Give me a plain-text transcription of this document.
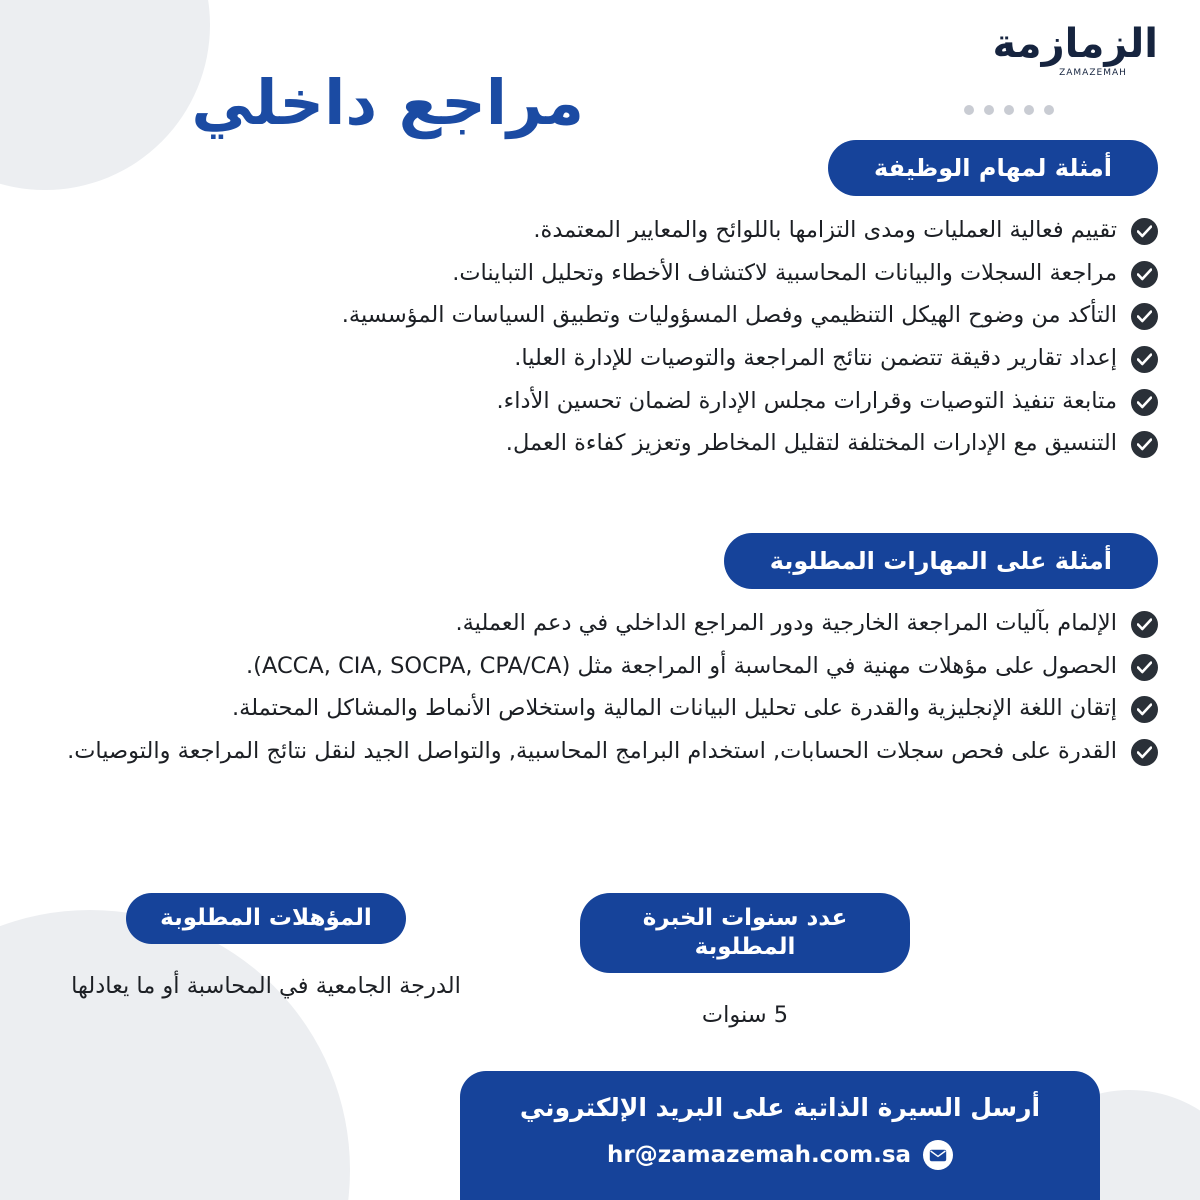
الزمازمة
ZAMAZEMAH
مراجع داخلي
أمثلة لمهام الوظيفة
تقييم فعالية العمليات ومدى التزامها باللوائح والمعايير المعتمدة.
مراجعة السجلات والبيانات المحاسبية لاكتشاف الأخطاء وتحليل التباينات.
التأكد من وضوح الهيكل التنظيمي وفصل المسؤوليات وتطبيق السياسات المؤسسية.
إعداد تقارير دقيقة تتضمن نتائج المراجعة والتوصيات للإدارة العليا.
متابعة تنفيذ التوصيات وقرارات مجلس الإدارة لضمان تحسين الأداء.
التنسيق مع الإدارات المختلفة لتقليل المخاطر وتعزيز كفاءة العمل.
أمثلة على المهارات المطلوبة
الإلمام بآليات المراجعة الخارجية ودور المراجع الداخلي في دعم العملية.
الحصول على مؤهلات مهنية في المحاسبة أو المراجعة مثل (ACCA, CIA, SOCPA, CPA/CA).
إتقان اللغة الإنجليزية والقدرة على تحليل البيانات المالية واستخلاص الأنماط والمشاكل المحتملة.
القدرة على فحص سجلات الحسابات, استخدام البرامج المحاسبية, والتواصل الجيد لنقل نتائج المراجعة والتوصيات.
المؤهلات المطلوبة
الدرجة الجامعية في المحاسبة أو ما يعادلها
عدد سنوات الخبرة المطلوبة
5 سنوات
أرسل السيرة الذاتية على البريد الإلكتروني
hr@zamazemah.com.sa
